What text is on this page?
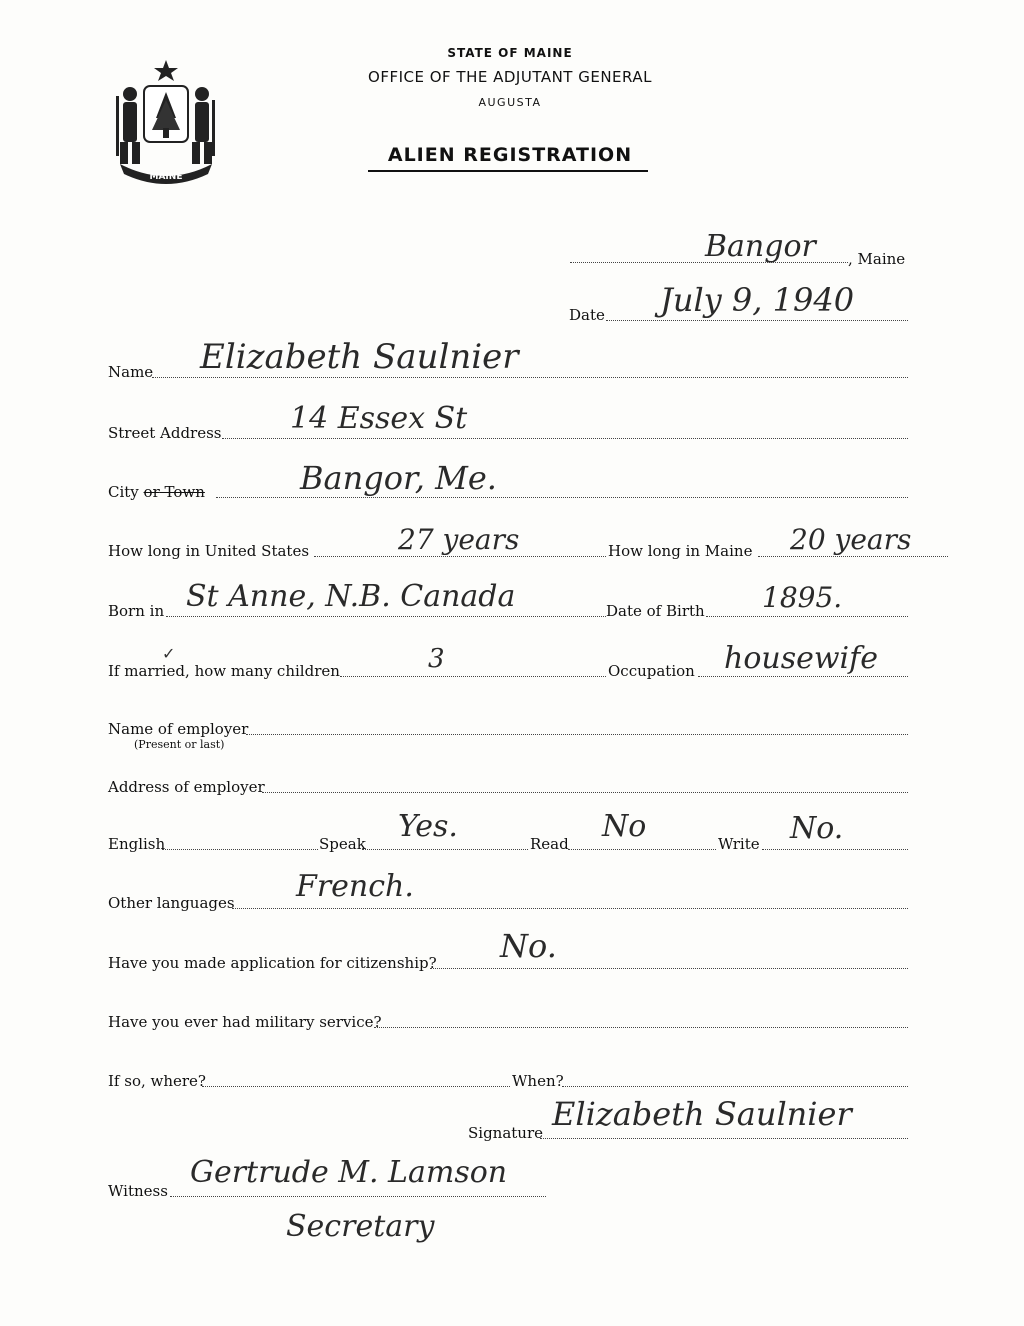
MAINE
STATE OF MAINE
OFFICE OF THE ADJUTANT GENERAL
AUGUSTA
ALIEN REGISTRATION
Bangor , Maine
Date July 9, 1940
Name Elizabeth Saulnier
Street Address 14 Essex St
City or Town	Bangor, Me.
How long in United States	27 years	How long in Maine 20 years
Born in St Anne, N.B. Canada	Date of Birth 1895.
✓
If married, how many children	3	Occupation housewife
Name of employer
(Present or last)
Address of employer
English	Speak Yes.	Read No	Write No.
Other languages French.
Have you made application for citizenship? No.
Have you ever had military service?
If so, where?	When?
Signature Elizabeth Saulnier
Witness
Gertrude M. Lamson
Secretary
